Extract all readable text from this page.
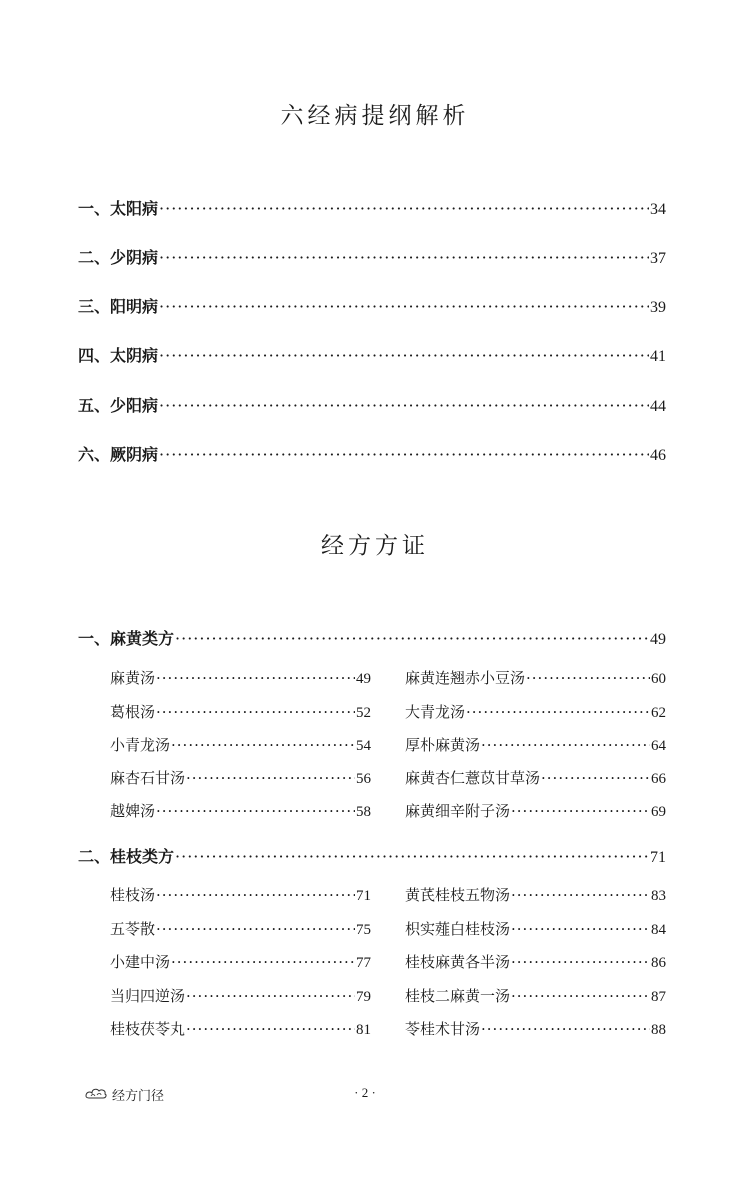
六经病提纲解析
一、太阳病 ·····	34
二、少阴病 ·····	37
三、阳明病 ·····	39
四、太阴病 ·····	41
五、少阳病 ·····	44
六、厥阴病 ·····	46
经方方证
一、麻黄类方 ·····	49
麻黄汤 ·····	49
葛根汤 ·····	52
小青龙汤 ·····	54
麻杏石甘汤 ·····	56
越婢汤 ·····	58
麻黄连翘赤小豆汤 ·····	60
大青龙汤 ·····	62
厚朴麻黄汤 ·····	64
麻黄杏仁薏苡甘草汤 ·····	66
麻黄细辛附子汤 ·····	69
二、桂枝类方 ·····	71
桂枝汤 ·····	71
五苓散 ·····	75
小建中汤 ·····	77
当归四逆汤 ·····	79
桂枝茯苓丸 ·····	81
黄芪桂枝五物汤 ·····	83
枳实薤白桂枝汤 ·····	84
桂枝麻黄各半汤 ·····	86
桂枝二麻黄一汤 ·····	87
苓桂术甘汤 ·····	88
经方门径	· 2 ·
